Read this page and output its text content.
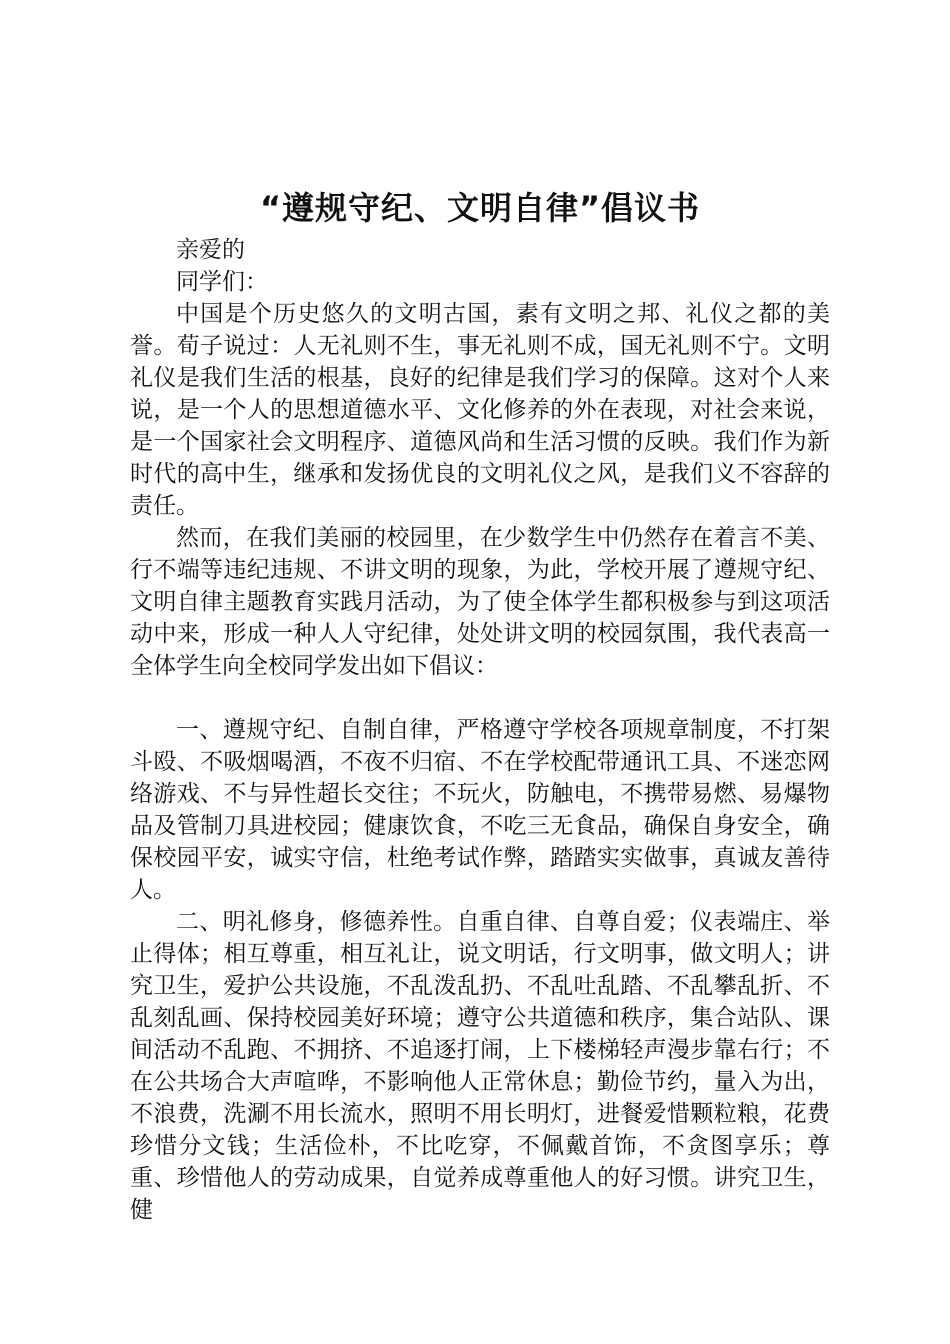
“遵规守纪、文明自律”倡议书

亲爱的

同学们：

中国是个历史悠久的文明古国，素有文明之邦、礼仪之都的美誉。荀子说过：人无礼则不生，事无礼则不成，国无礼则不宁。文明礼仪是我们生活的根基，良好的纪律是我们学习的保障。这对个人来说，是一个人的思想道德水平、文化修养的外在表现，对社会来说，是一个国家社会文明程序、道德风尚和生活习惯的反映。我们作为新时代的高中生，继承和发扬优良的文明礼仪之风，是我们义不容辞的责任。

然而，在我们美丽的校园里，在少数学生中仍然存在着言不美、行不端等违纪违规、不讲文明的现象，为此，学校开展了遵规守纪、文明自律主题教育实践月活动，为了使全体学生都积极参与到这项活动中来，形成一种人人守纪律，处处讲文明的校园氛围，我代表高一全体学生向全校同学发出如下倡议：

一、遵规守纪、自制自律，严格遵守学校各项规章制度，不打架斗殴、不吸烟喝酒，不夜不归宿、不在学校配带通讯工具、不迷恋网络游戏、不与异性超长交往；不玩火，防触电，不携带易燃、易爆物品及管制刀具进校园；健康饮食，不吃三无食品，确保自身安全，确保校园平安，诚实守信，杜绝考试作弊，踏踏实实做事，真诚友善待人。

二、明礼修身，修德养性。自重自律、自尊自爱；仪表端庄、举止得体；相互尊重，相互礼让，说文明话，行文明事，做文明人；讲究卫生，爱护公共设施，不乱泼乱扔、不乱吐乱踏、不乱攀乱折、不乱刻乱画、保持校园美好环境；遵守公共道德和秩序，集合站队、课间活动不乱跑、不拥挤、不追逐打闹，上下楼梯轻声漫步靠右行；不在公共场合大声喧哗，不影响他人正常休息；勤俭节约，量入为出，不浪费，洗涮不用长流水，照明不用长明灯，进餐爱惜颗粒粮，花费珍惜分文钱；生活俭朴，不比吃穿，不佩戴首饰，不贪图享乐；尊重、珍惜他人的劳动成果，自觉养成尊重他人的好习惯。讲究卫生，健
